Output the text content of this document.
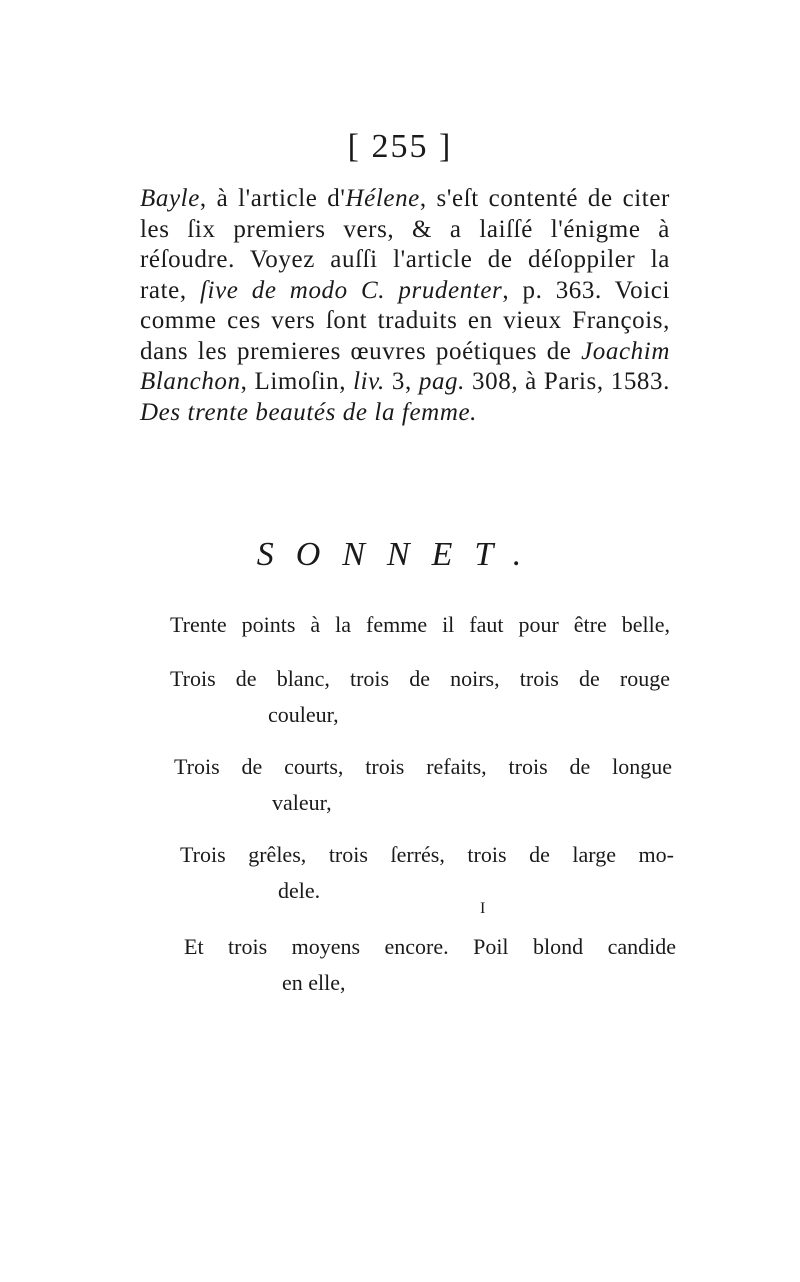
[ 255 ]
Bayle, à l'article d'Hélene, s'eſt contenté de citer les ſix premiers vers, & a laiſſé l'énigme à réſoudre. Voyez auſſi l'article de déſoppiler la rate, ſive de modo C. prudenter, p. 363. Voici comme ces vers ſont traduits en vieux François, dans les premieres œuvres poétiques de Joachim Blanchon, Limoſin, liv. 3, pag. 308, à Paris, 1583. Des trente beautés de la femme.
SONNET.
Trente points à la femme il faut pour être belle,
Trois de blanc, trois de noirs, trois de rouge
couleur,
Trois de courts, trois refaits, trois de longue
valeur,
Trois grêles, trois ſerrés, trois de large mo-
dele.
Et trois moyens encore. Poil blond candide
en elle,
I
